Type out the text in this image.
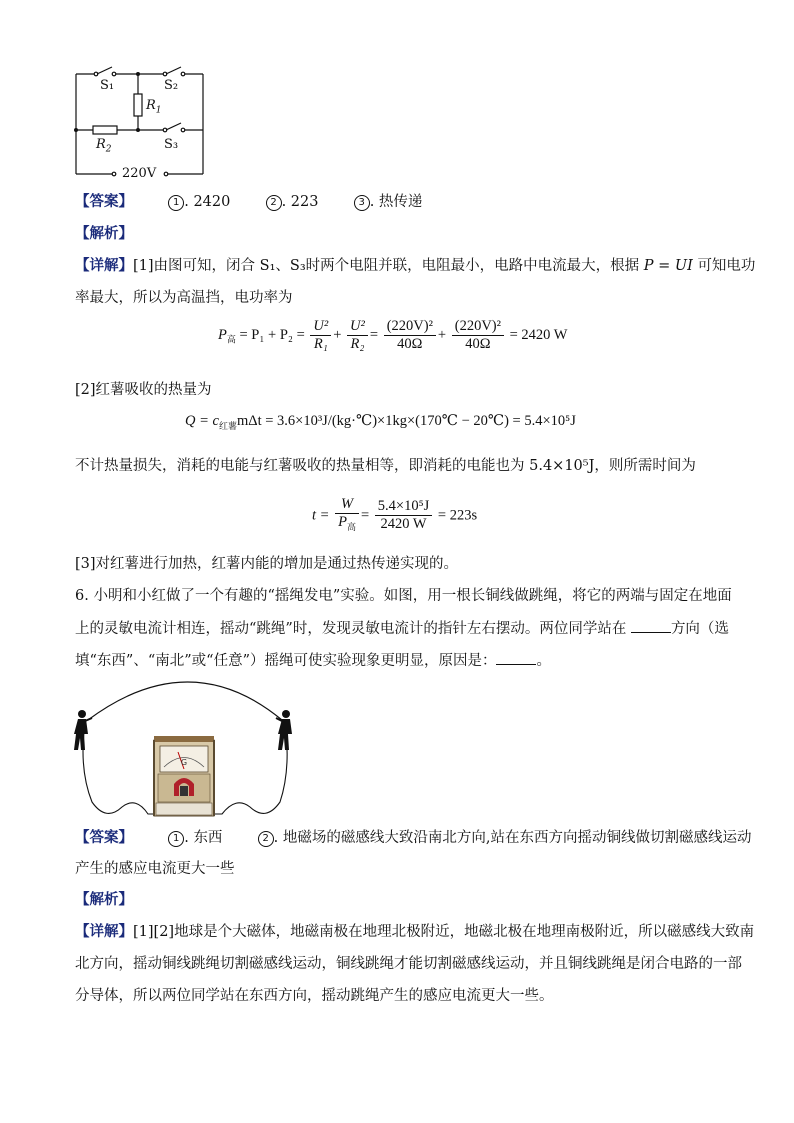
S₁	S₂
$R_1$
$R_2$	S₃
220V
【答案】	1 . 2420	2 . 223	3 . 热传递
【解析】
【详解】[1]由图可知，闭合 S₁、S₃时两个电阻并联，电阻最小，电路中电流最大，根据 P = UI 可知电功
率最大，所以为高温挡，电功率为
$P_高 = P_1 + P_2 = \frac{\text{U²}}{\text{R₁}} + \frac{\text{U²}}{\text{R₂}} = \frac{\text{(220V)²}}{40\Omega} + \frac{\text{(220V)²}}{40\Omega} = 2420$ W
[2]红薯吸收的热量为
$Q = c_{红薯}m\Delta t$ = 3.6×10³J/(kg·℃)×1kg×(170℃ − 20℃) = 5.4×10⁵J
不计热量损失，消耗的电能与红薯吸收的热量相等，即消耗的电能也为 5.4×10⁵J，则所需时间为
$t = \frac{W}{P_高} = \frac{\text{5.4×10⁵J}}{2420 W} = 223s$
[3]对红薯进行加热，红薯内能的增加是通过热传递实现的。
6. 小明和小红做了一个有趣的“摇绳发电”实验。如图，用一根长铜线做跳绳，将它的两端与固定在地面
上的灵敏电流计相连，摇动“跳绳”时，发现灵敏电流计的指针左右摆动。两位同学站在	方向（选
填“东西”、“南北”或“任意”）摇绳可使实验现象更明显，原因是：	。
G
【答案】	1 . 东西	2 . 地磁场的磁感线大致沿南北方向,站在东西方向摇动铜线做切割磁感线运动
产生的感应电流更大一些
【解析】
【详解】[1][2]地球是个大磁体，地磁南极在地理北极附近，地磁北极在地理南极附近，所以磁感线大致南
北方向，摇动铜线跳绳切割磁感线运动，铜线跳绳才能切割磁感线运动，并且铜线跳绳是闭合电路的一部
分导体，所以两位同学站在东西方向，摇动跳绳产生的感应电流更大一些。
